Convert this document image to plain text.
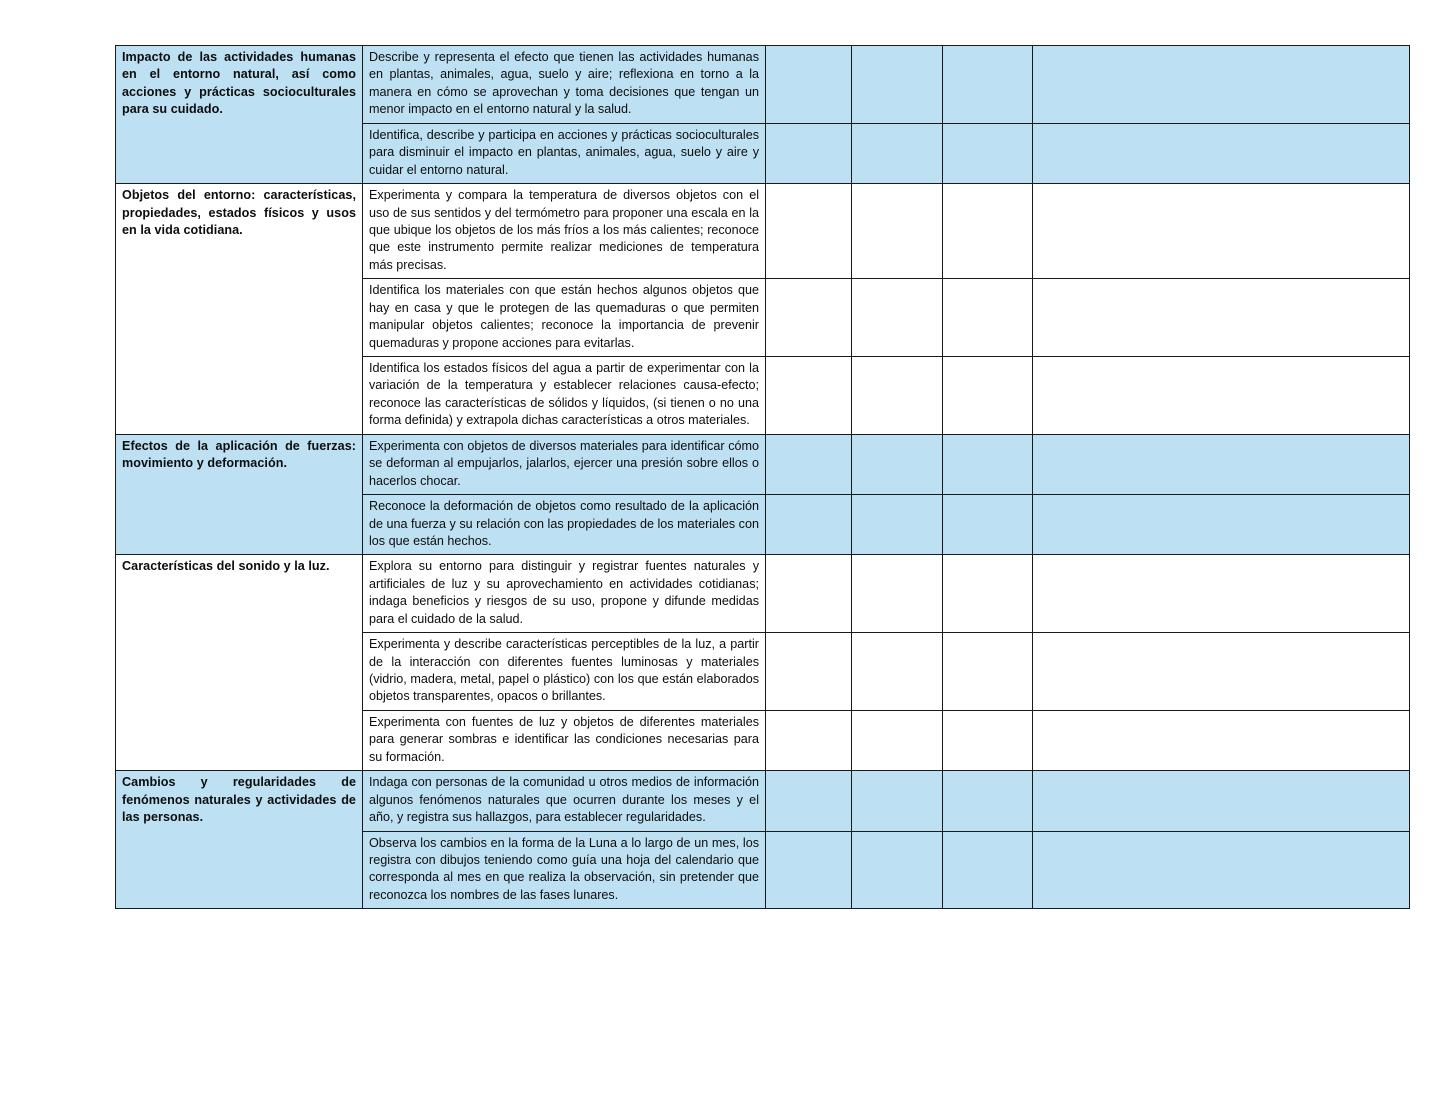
Impacto de las actividades humanas en el entorno natural, así como acciones y prácticas socioculturales para su cuidado.	Describe y representa el efecto que tienen las actividades humanas en plantas, animales, agua, suelo y aire; reflexiona en torno a la manera en cómo se aprovechan y toma decisiones que tengan un menor impacto en el entorno natural y la salud.				
	Identifica, describe y participa en acciones y prácticas socioculturales para disminuir el impacto en plantas, animales, agua, suelo y aire y cuidar el entorno natural.				

Objetos del entorno: características, propiedades, estados físicos y usos en la vida cotidiana.	Experimenta y compara la temperatura de diversos objetos con el uso de sus sentidos y del termómetro para proponer una escala en la que ubique los objetos de los más fríos a los más calientes; reconoce que este instrumento permite realizar mediciones de temperatura más precisas.				
	Identifica los materiales con que están hechos algunos objetos que hay en casa y que le protegen de las quemaduras o que permiten manipular objetos calientes; reconoce la importancia de prevenir quemaduras y propone acciones para evitarlas.				
	Identifica los estados físicos del agua a partir de experimentar con la variación de la temperatura y establecer relaciones causa-efecto; reconoce las características de sólidos y líquidos, (si tienen o no una forma definida) y extrapola dichas características a otros materiales.				

Efectos de la aplicación de fuerzas: movimiento y deformación.	Experimenta con objetos de diversos materiales para identificar cómo se deforman al empujarlos, jalarlos, ejercer una presión sobre ellos o hacerlos chocar.				
	Reconoce la deformación de objetos como resultado de la aplicación de una fuerza y su relación con las propiedades de los materiales con los que están hechos.				

Características del sonido y la luz.	Explora su entorno para distinguir y registrar fuentes naturales y artificiales de luz y su aprovechamiento en actividades cotidianas; indaga beneficios y riesgos de su uso, propone y difunde medidas para el cuidado de la salud.				
	Experimenta y describe características perceptibles de la luz, a partir de la interacción con diferentes fuentes luminosas y materiales (vidrio, madera, metal, papel o plástico) con los que están elaborados objetos transparentes, opacos o brillantes.				
	Experimenta con fuentes de luz y objetos de diferentes materiales para generar sombras e identificar las condiciones necesarias para su formación.				

Cambios y regularidades de fenómenos naturales y actividades de las personas.	Indaga con personas de la comunidad u otros medios de información algunos fenómenos naturales que ocurren durante los meses y el año, y registra sus hallazgos, para establecer regularidades.				
	Observa los cambios en la forma de la Luna a lo largo de un mes, los registra con dibujos teniendo como guía una hoja del calendario que corresponda al mes en que realiza la observación, sin pretender que reconozca los nombres de las fases lunares.				
